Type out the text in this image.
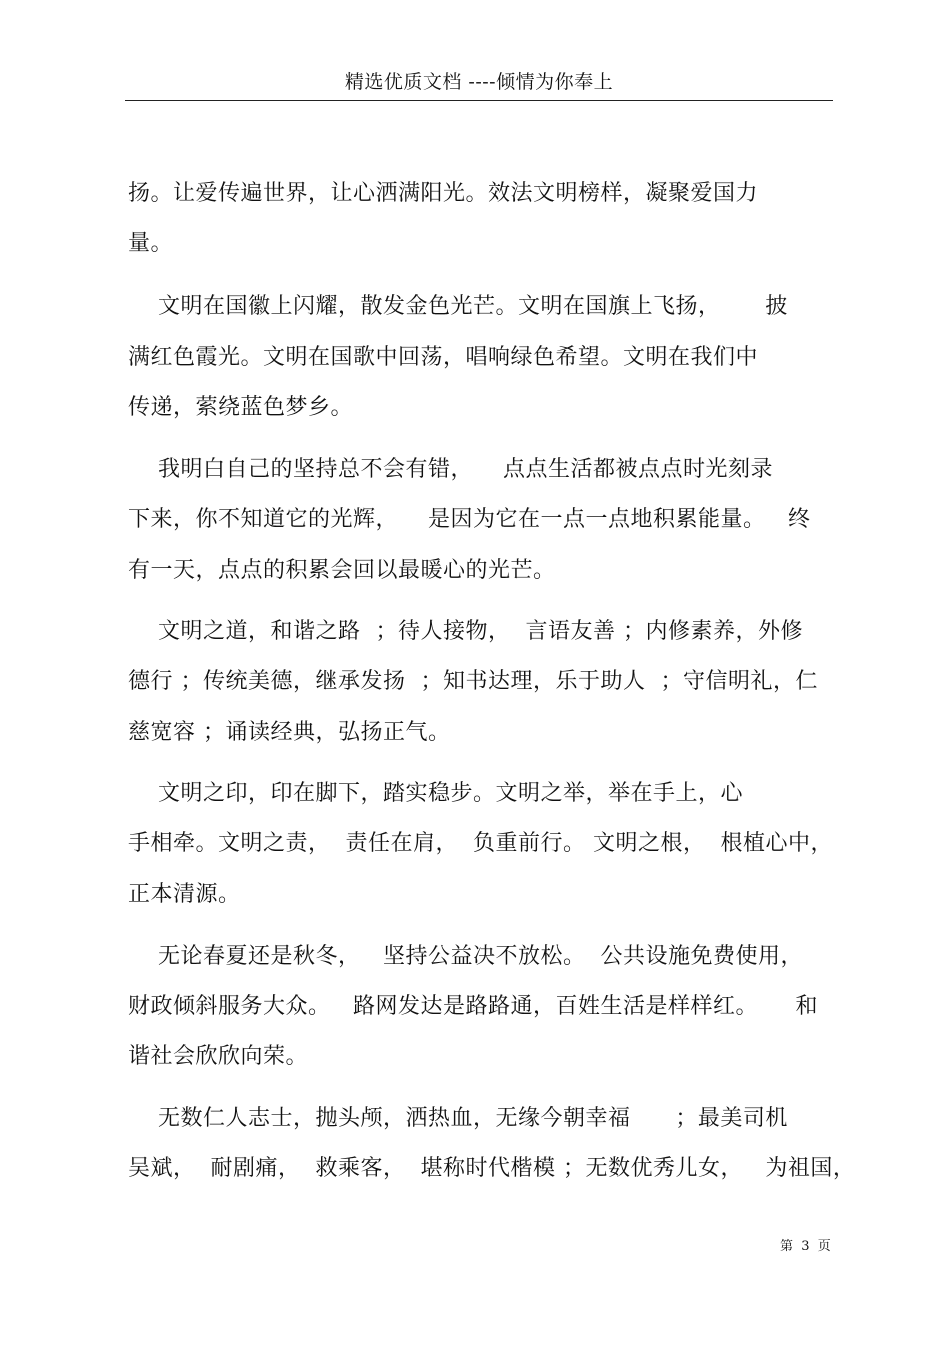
精选优质文档 ----倾情为你奉上
扬。让爱传遍世界，让心洒满阳光。效法文明榜样，凝聚爱国力
量。
文明在国徽上闪耀，散发金色光芒。文明在国旗上飞扬，      披
满红色霞光。文明在国歌中回荡，唱响绿色希望。文明在我们中
传递，萦绕蓝色梦乡。
我明白自己的坚持总不会有错，    点点生活都被点点时光刻录
下来，你不知道它的光辉，    是因为它在一点一点地积累能量。   终
有一天，点点的积累会回以最暖心的光芒。
文明之道，和谐之路  ；待人接物，  言语友善 ；内修素养，外修
德行 ；传统美德，继承发扬  ；知书达理，乐于助人  ；守信明礼，仁
慈宽容 ；诵读经典，弘扬正气。
文明之印，印在脚下，踏实稳步。文明之举，举在手上，心
手相牵。文明之责，  责任在肩，  负重前行。 文明之根，  根植心中，
正本清源。
无论春夏还是秋冬，   坚持公益决不放松。  公共设施免费使用，
财政倾斜服务大众。   路网发达是路路通，百姓生活是样样红。     和
谐社会欣欣向荣。
无数仁人志士，抛头颅，洒热血，无缘今朝幸福      ；最美司机
吴斌，  耐剧痛，  救乘客，  堪称时代楷模 ；无数优秀儿女，   为祖国，
第  3  页
